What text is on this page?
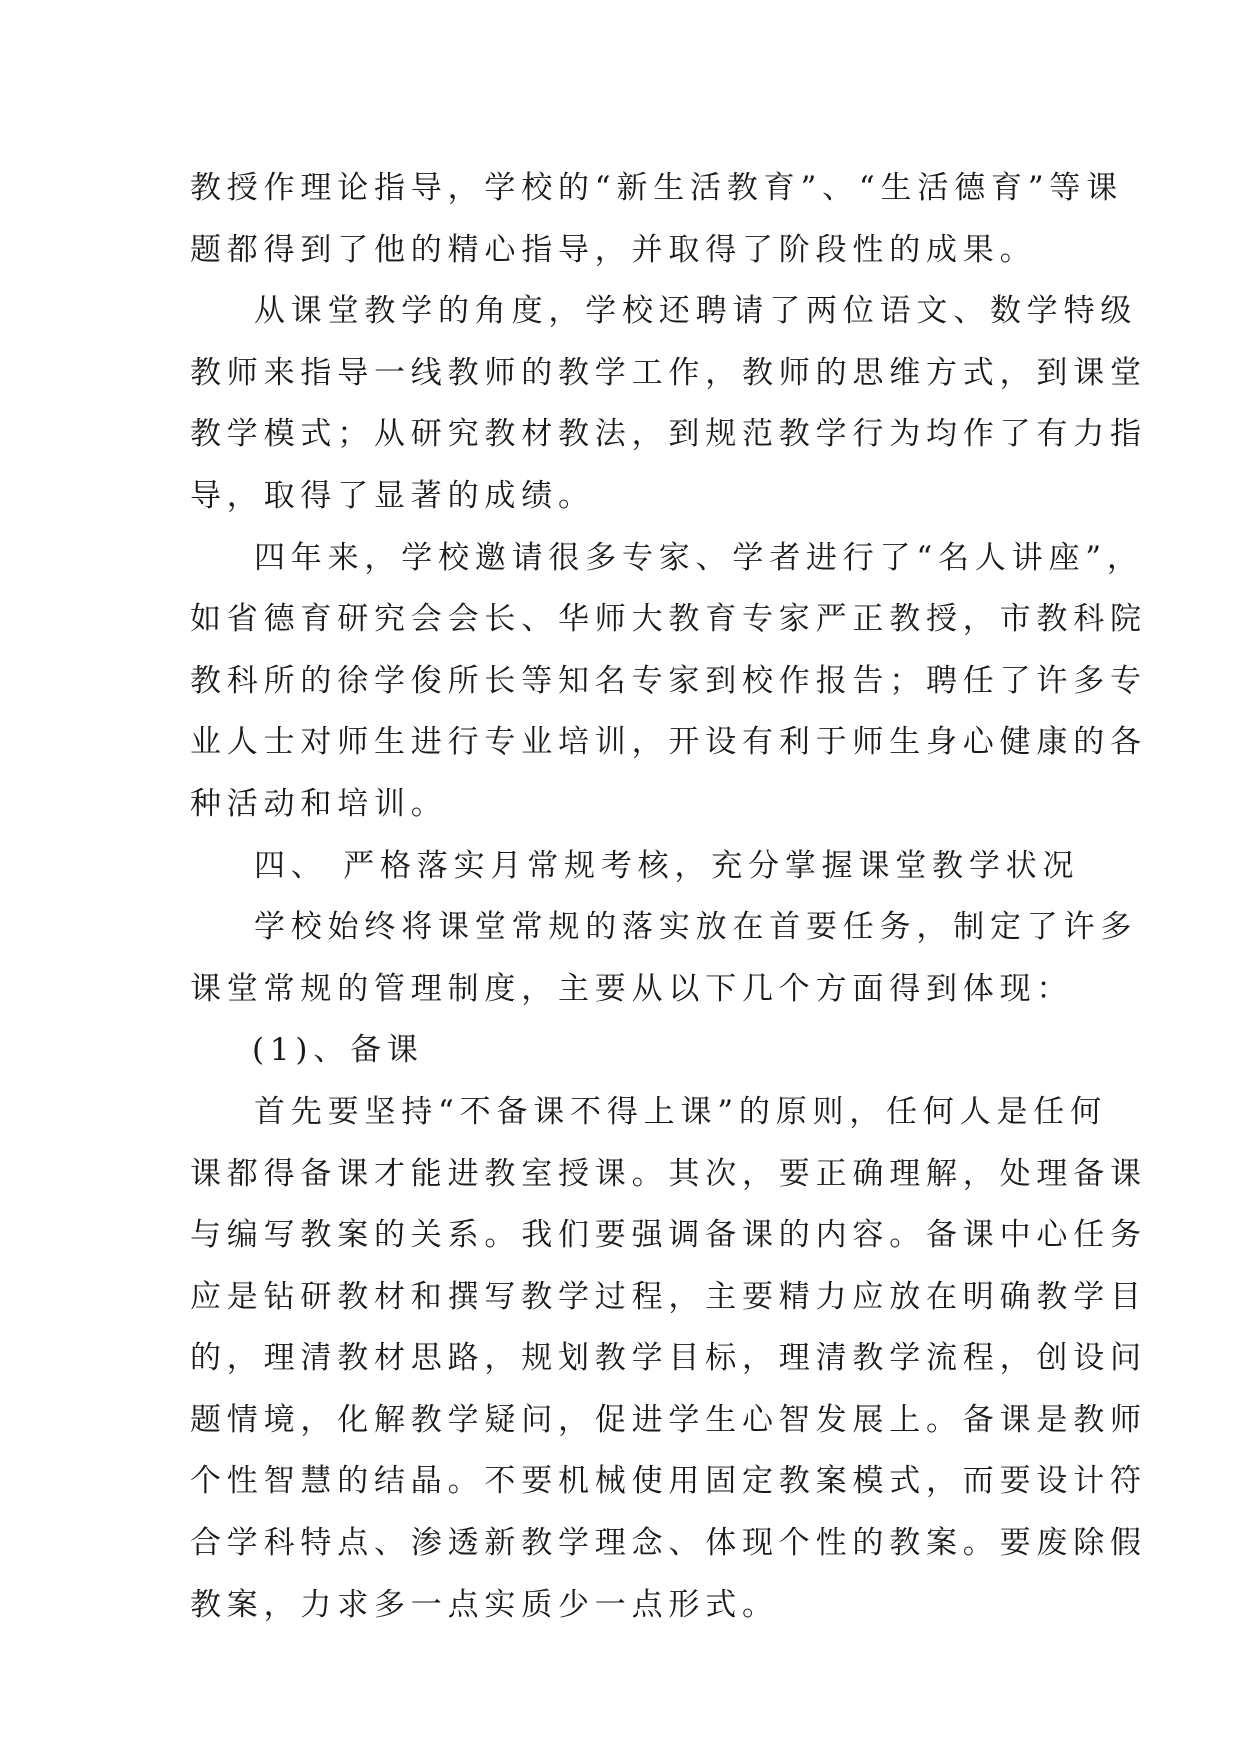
教授作理论指导，学校的“新生活教育”、“生活德育”等课
题都得到了他的精心指导，并取得了阶段性的成果。
从课堂教学的角度，学校还聘请了两位语文、数学特级
教师来指导一线教师的教学工作，教师的思维方式，到课堂
教学模式；从研究教材教法，到规范教学行为均作了有力指
导，取得了显著的成绩。
四年来，学校邀请很多专家、学者进行了“名人讲座”，
如省德育研究会会长、华师大教育专家严正教授，市教科院
教科所的徐学俊所长等知名专家到校作报告；聘任了许多专
业人士对师生进行专业培训，开设有利于师生身心健康的各
种活动和培训。
四、 严格落实月常规考核，充分掌握课堂教学状况
学校始终将课堂常规的落实放在首要任务，制定了许多
课堂常规的管理制度，主要从以下几个方面得到体现：
(1)、备课
首先要坚持“不备课不得上课”的原则，任何人是任何
课都得备课才能进教室授课。其次，要正确理解，处理备课
与编写教案的关系。我们要强调备课的内容。备课中心任务
应是钻研教材和撰写教学过程，主要精力应放在明确教学目
的，理清教材思路，规划教学目标，理清教学流程，创设问
题情境，化解教学疑问，促进学生心智发展上。备课是教师
个性智慧的结晶。不要机械使用固定教案模式，而要设计符
合学科特点、渗透新教学理念、体现个性的教案。要废除假
教案，力求多一点实质少一点形式。
